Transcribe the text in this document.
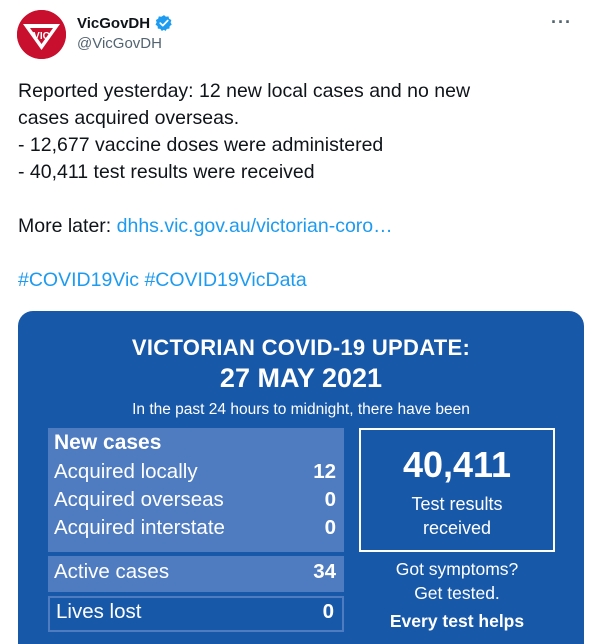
VIC
VicGovDH
@VicGovDH
···
Reported yesterday: 12 new local cases and no new
cases acquired overseas.
- 12,677 vaccine doses were administered
- 40,411 test results were received
More later: dhhs.vic.gov.au/victorian-coro…
#COVID19Vic #COVID19VicData
VICTORIAN COVID-19 UPDATE:
27 MAY 2021
In the past 24 hours to midnight, there have been
New cases
Acquired locally	12
Acquired overseas	0
Acquired interstate	0
Active cases	34
Lives lost	0
40,411
Test results
received
Got symptoms?
Get tested.
Every test helps
